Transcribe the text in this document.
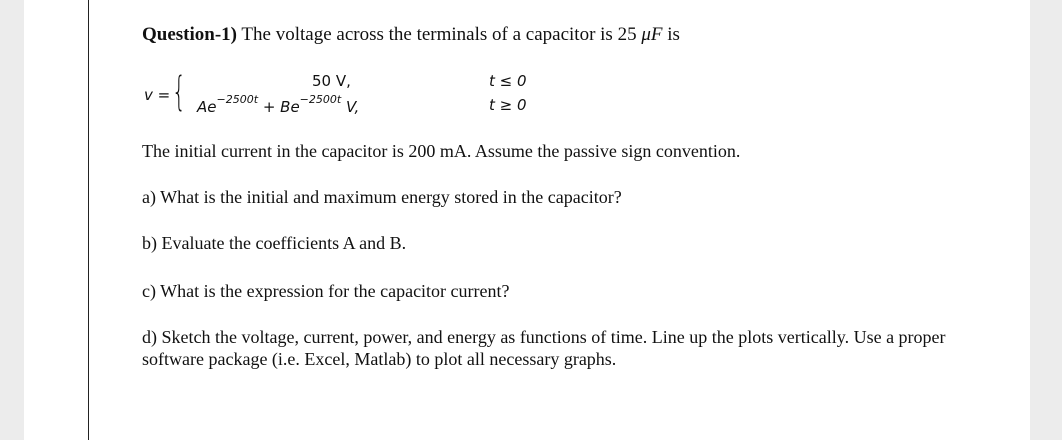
Question-1) The voltage across the terminals of a capacitor is 25 μF is
v = {	50 V,
$Ae^{-2500t} + Be^{-2500t}$ V,
t ≤ 0
t ≥ 0
The initial current in the capacitor is 200 mA. Assume the passive sign convention.
a) What is the initial and maximum energy stored in the capacitor?
b) Evaluate the coefficients A and B.
c) What is the expression for the capacitor current?
d) Sketch the voltage, current, power, and energy as functions of time. Line up the plots vertically. Use a proper software package (i.e. Excel, Matlab) to plot all necessary graphs.
